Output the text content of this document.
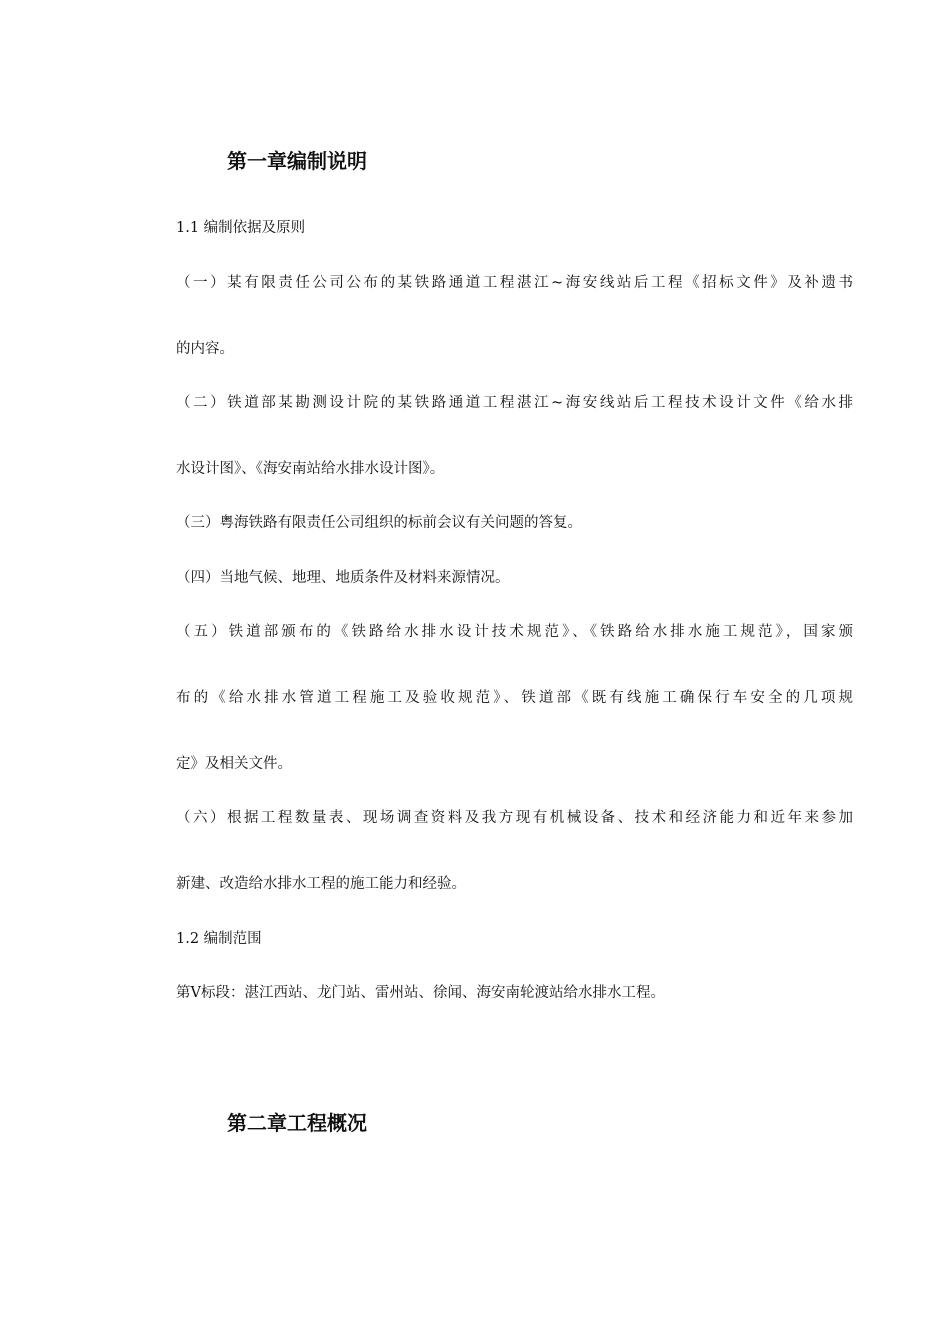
第一章编制说明
1.1 编制依据及原则
（一）某有限责任公司公布的某铁路通道工程湛江~海安线站后工程《招标文件》及补遗书
的内容。
（二）铁道部某勘测设计院的某铁路通道工程湛江~海安线站后工程技术设计文件《给水排
水设计图》、《海安南站给水排水设计图》。
（三）粤海铁路有限责任公司组织的标前会议有关问题的答复。
（四）当地气候、地理、地质条件及材料来源情况。
（五）铁道部颁布的《铁路给水排水设计技术规范》、《铁路给水排水施工规范》，国家颁
布的《给水排水管道工程施工及验收规范》、铁道部《既有线施工确保行车安全的几项规
定》及相关文件。
（六）根据工程数量表、现场调查资料及我方现有机械设备、技术和经济能力和近年来参加
新建、改造给水排水工程的施工能力和经验。
1.2 编制范围
第Ⅴ标段：湛江西站、龙门站、雷州站、徐闻、海安南轮渡站给水排水工程。
第二章工程概况
